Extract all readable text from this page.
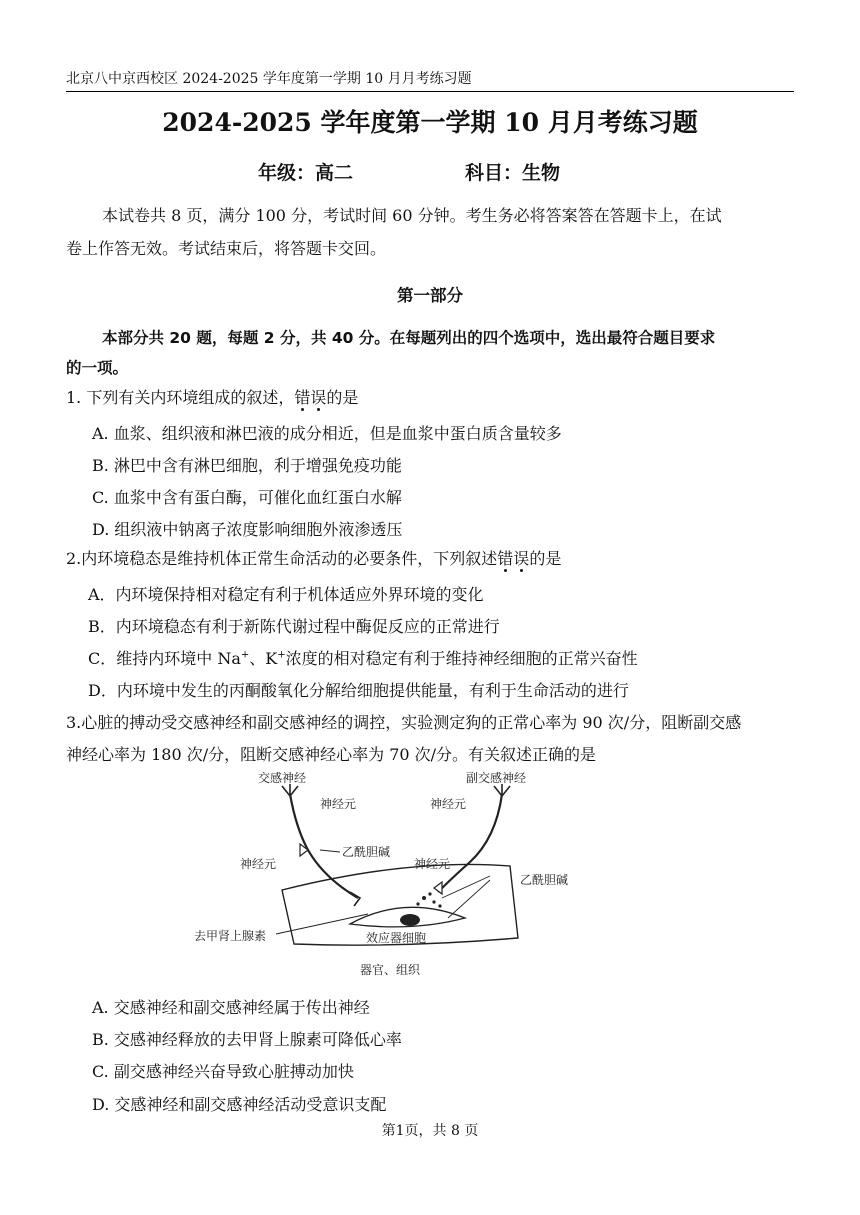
北京八中京西校区 2024-2025 学年度第一学期 10 月月考练习题
2024-2025 学年度第一学期 10 月月考练习题
年级：高二	科目：生物
本试卷共 8 页，满分 100 分，考试时间 60 分钟。考生务必将答案答在答题卡上，在试
卷上作答无效。考试结束后，将答题卡交回。
第一部分
本部分共 20 题，每题 2 分，共 40 分。在每题列出的四个选项中，选出最符合题目要求
的一项。
1. 下列有关内环境组成的叙述，错误的是
A. 血浆、组织液和淋巴液的成分相近，但是血浆中蛋白质含量较多
B. 淋巴中含有淋巴细胞，利于增强免疫功能
C. 血浆中含有蛋白酶，可催化血红蛋白水解
D. 组织液中钠离子浓度影响细胞外液渗透压
2.内环境稳态是维持机体正常生命活动的必要条件，下列叙述错误的是
A．内环境保持相对稳定有利于机体适应外界环境的变化
B．内环境稳态有利于新陈代谢过程中酶促反应的正常进行
C．维持内环境中 Na+、K+浓度的相对稳定有利于维持神经细胞的正常兴奋性
D．内环境中发生的丙酮酸氧化分解给细胞提供能量，有利于生命活动的进行
3.心脏的搏动受交感神经和副交感神经的调控，实验测定狗的正常心率为 90 次/分，阻断副交感
神经心率为 180 次/分，阻断交感神经心率为 70 次/分。有关叙述正确的是
交感神经	副交感神经
神经元	神经元
乙酰胆碱
神经元	神经元
乙酰胆碱
去甲肾上腺素	效应器细胞
器官、组织
A. 交感神经和副交感神经属于传出神经
B. 交感神经释放的去甲肾上腺素可降低心率
C. 副交感神经兴奋导致心脏搏动加快
D. 交感神经和副交感神经活动受意识支配
第1页，共 8 页
